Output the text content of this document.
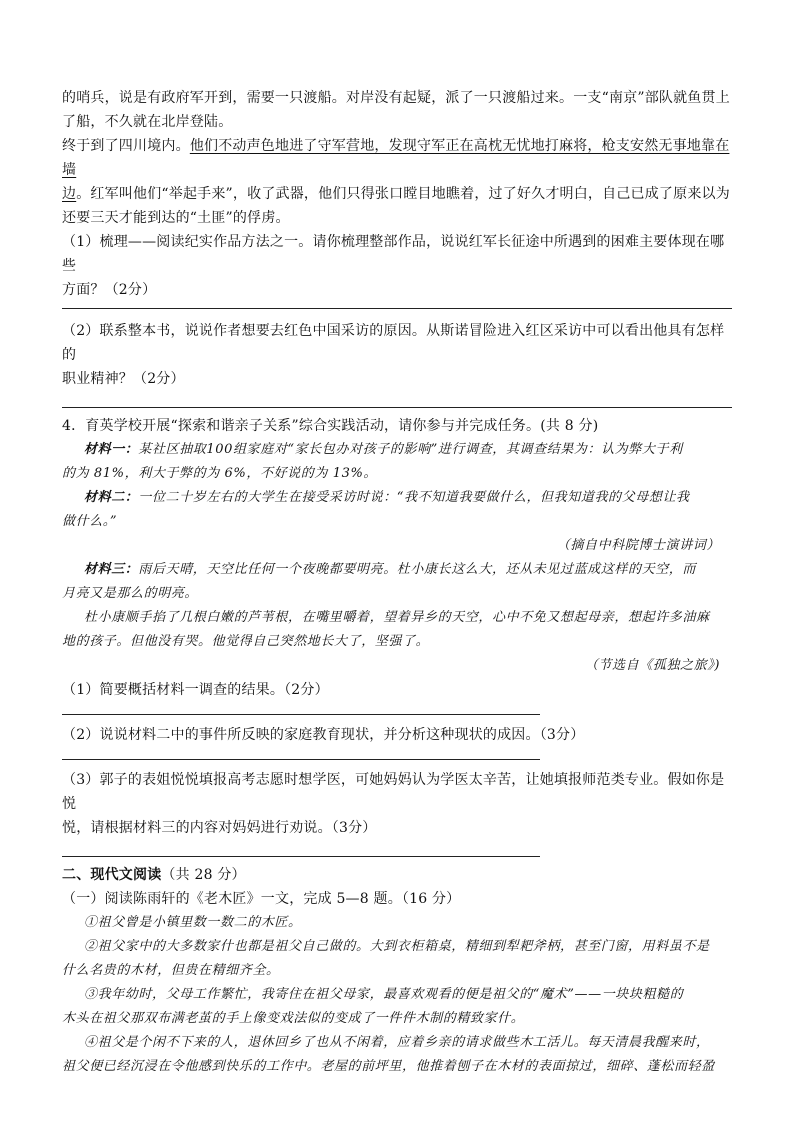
的哨兵，说是有政府军开到，需要一只渡船。对岸没有起疑，派了一只渡船过来。一支“南京”部队就鱼贯上

了船，不久就在北岸登陆。

终于到了四川境内。他们不动声色地进了守军营地，发现守军正在高枕无忧地打麻将，枪支安然无事地靠在墙

边。红军叫他们“举起手来”，收了武器，他们只得张口瞠目地瞧着，过了好久才明白，自己已成了原来以为

还要三天才能到达的“土匪”的俘虏。

（1）梳理——阅读纪实作品方法之一。请你梳理整部作品，说说红军长征途中所遇到的困难主要体现在哪些

方面？（2分）

（2）联系整本书，说说作者想要去红色中国采访的原因。从斯诺冒险进入红区采访中可以看出他具有怎样的

职业精神？（2分）

4．育英学校开展“探索和谐亲子关系”综合实践活动，请你参与并完成任务。(共 8 分)

材料一：某社区抽取100组家庭对“家长包办对孩子的影响”进行调查，其调查结果为：认为弊大于利

的为 81%，利大于弊的为 6%，不好说的为 13%。

材料二：一位二十岁左右的大学生在接受采访时说：“我不知道我要做什么，但我知道我的父母想让我

做什么。”

（摘自中科院博士演讲词）

材料三：雨后天晴，天空比任何一个夜晚都要明亮。杜小康长这么大，还从未见过蓝成这样的天空，而

月亮又是那么的明亮。

杜小康顺手掐了几根白嫩的芦苇根，在嘴里嚼着，望着异乡的天空，心中不免又想起母亲，想起许多油麻

地的孩子。但他没有哭。他觉得自己突然地长大了，坚强了。

（节选自《孤独之旅》)

（1）简要概括材料一调查的结果。（2分）

（2）说说材料二中的事件所反映的家庭教育现状，并分析这种现状的成因。（3分）

（3）郭子的表姐悦悦填报高考志愿时想学医，可她妈妈认为学医太辛苦，让她填报师范类专业。假如你是悦

悦，请根据材料三的内容对妈妈进行劝说。（3分）

二、现代文阅读（共 28 分）

（一）阅读陈雨轩的《老木匠》一文，完成 5—8 题。（16 分）

①祖父曾是小镇里数一数二的木匠。

②祖父家中的大多数家什也都是祖父自己做的。大到衣柜箱桌，精细到犁耙斧柄，甚至门窗，用料虽不是

什么名贵的木材，但贵在精细齐全。

③我年幼时，父母工作繁忙，我寄住在祖父母家，最喜欢观看的便是祖父的“魔术”——一块块粗糙的

木头在祖父那双布满老茧的手上像变戏法似的变成了一件件木制的精致家什。

④祖父是个闲不下来的人，退休回乡了也从不闲着，应着乡亲的请求做些木工活儿。每天清晨我醒来时，

祖父便已经沉浸在令他感到快乐的工作中。老屋的前坪里，他推着刨子在木材的表面掠过，细碎、蓬松而轻盈
